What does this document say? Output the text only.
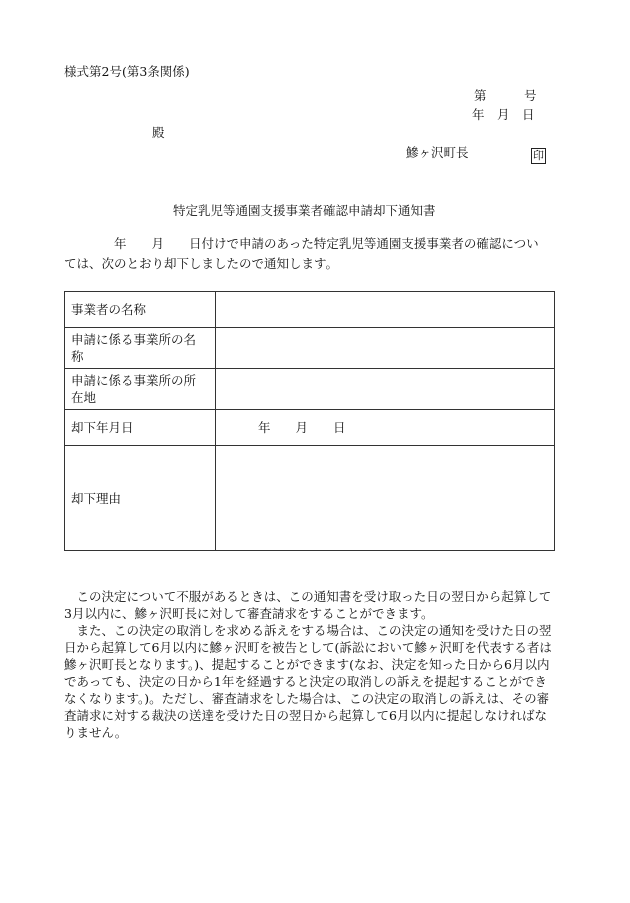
様式第2号(第3条関係)
第　　　号
年　月　日
殿
鰺ヶ沢町長	印
特定乳児等通園支援事業者確認申請却下通知書
　　　　年　　月　　日付けで申請のあった特定乳児等通園支援事業者の確認につい
ては、次のとおり却下しましたので通知します。
事業者の名称	
申請に係る事業所の名
称	
申請に係る事業所の所
在地	
却下年月日	年　　月　　日
却下理由	

　この決定について不服があるときは、この通知書を受け取った日の翌日から起算して3月以内に、鰺ヶ沢町長に対して審査請求をすることができます。

　また、この決定の取消しを求める訴えをする場合は、この決定の通知を受けた日の翌日から起算して6月以内に鰺ヶ沢町を被告として(訴訟において鰺ヶ沢町を代表する者は鰺ヶ沢町長となります。)、提起することができます(なお、決定を知った日から6月以内であっても、決定の日から1年を経過すると決定の取消しの訴えを提起することができなくなります。)。ただし、審査請求をした場合は、この決定の取消しの訴えは、その審査請求に対する裁決の送達を受けた日の翌日から起算して6月以内に提起しなければなりません。
